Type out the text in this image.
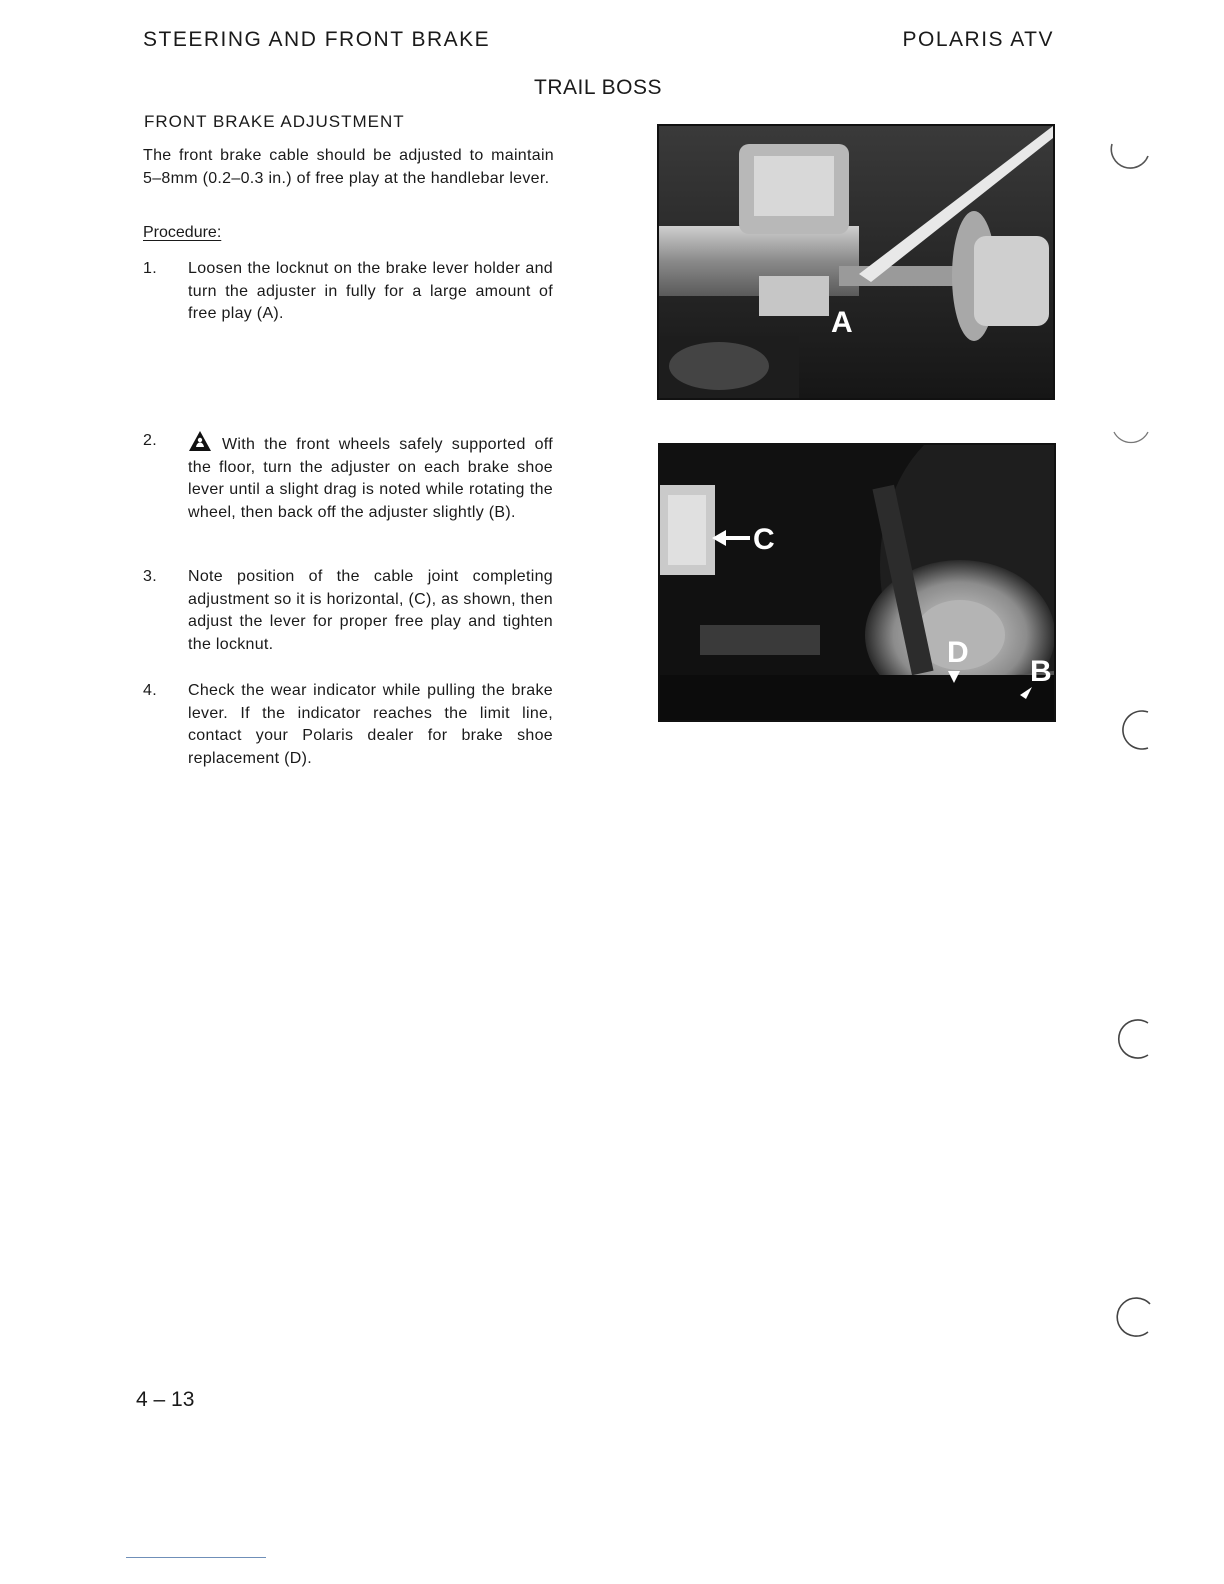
STEERING AND FRONT BRAKE	POLARIS ATV
TRAIL BOSS
FRONT BRAKE ADJUSTMENT
The front brake cable should be adjusted to maintain 5–8mm (0.2–0.3 in.) of free play at the handlebar lever.
Procedure:
1. Loosen the locknut on the brake lever holder and turn the adjuster in fully for a large amount of free play (A).
2.	With the front wheels safely supported off the floor, turn the adjuster on each brake shoe lever until a slight drag is noted while rotating the wheel, then back off the adjuster slightly (B).
3. Note position of the cable joint completing adjustment so it is horizontal, (C), as shown, then adjust the lever for proper free play and tighten the locknut.
4. Check the wear indicator while pulling the brake lever. If the indicator reaches the limit line, contact your Polaris dealer for brake shoe replacement (D).
A
C
D
B
4 – 13
